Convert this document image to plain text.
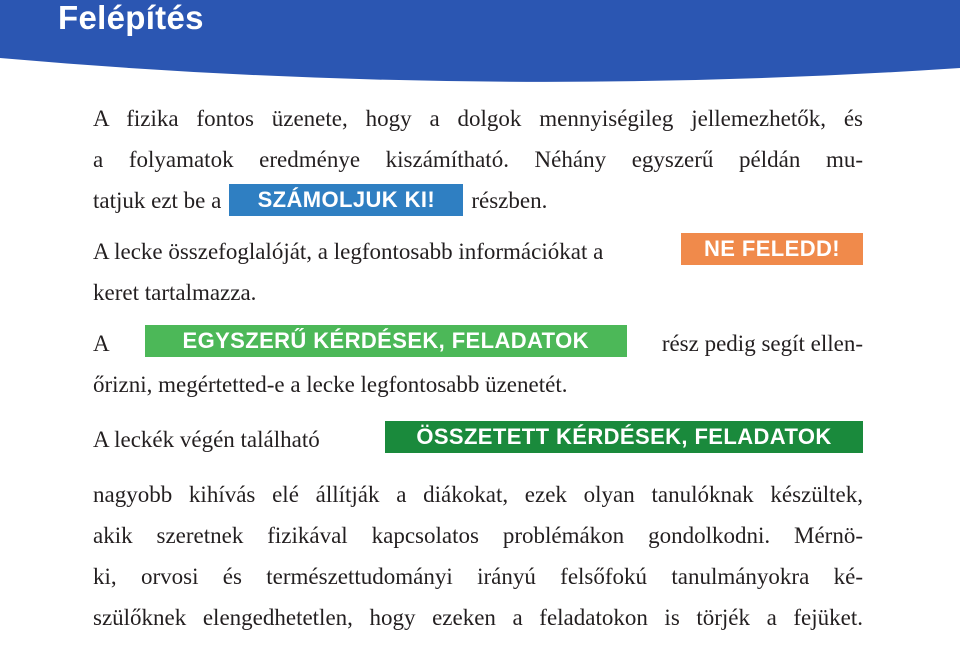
Felépítés
A fizika fontos üzenete, hogy a dolgok mennyiségileg jellemezhetők, és
a folyamatok eredménye kiszámítható. Néhány egyszerű példán mu-
tatjuk ezt be a SZÁMOLJUK KI! részben.
A lecke összefoglalóját, a legfontosabb információkat a	NE FELEDD!
keret tartalmazza.
A	EGYSZERŰ KÉRDÉSEK, FELADATOK	rész pedig segít ellen-
őrizni, megértetted-e a lecke legfontosabb üzenetét.
A leckék végén található	ÖSSZETETT KÉRDÉSEK, FELADATOK
nagyobb kihívás elé állítják a diákokat, ezek olyan tanulóknak készültek,
akik szeretnek fizikával kapcsolatos problémákon gondolkodni. Mérnö-
ki, orvosi és természettudományi irányú felsőfokú tanulmányokra ké-
szülőknek elengedhetetlen, hogy ezeken a feladatokon is törjék a fejüket.
